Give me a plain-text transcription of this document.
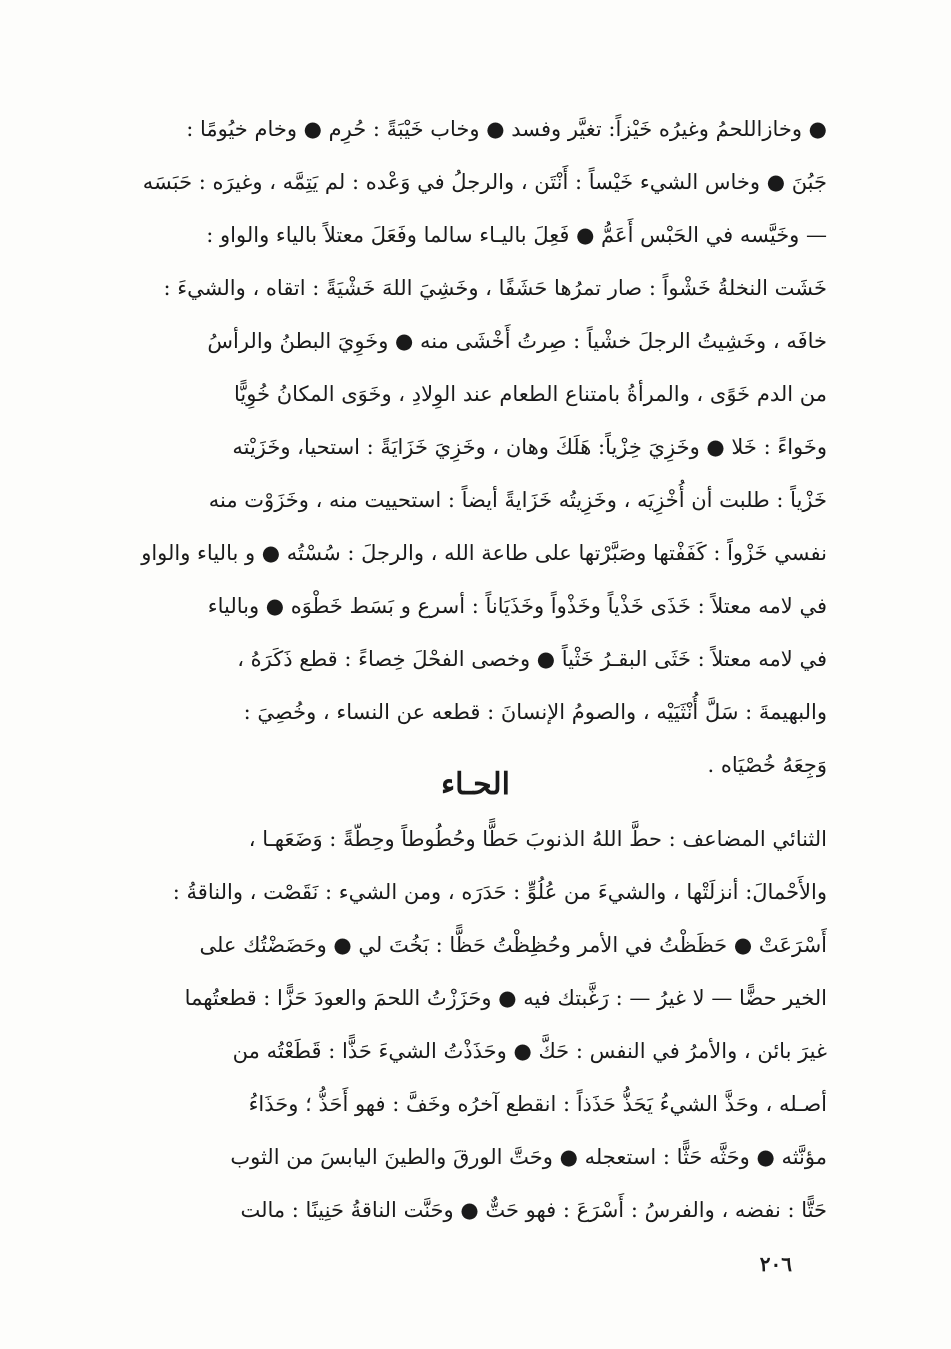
● وخازاللحمُ وغيرُه خَيْزاً: تغيَّر وفسد ● وخاب خَيْبَةً : حُرِم ● وخام خيُومًا :
جَبُنَ ● وخاس الشيء خَيْساً : أَنْتَن ، والرجلُ في وَعْده : لم يَتِمَّه ، وغيرَه : حَبَسَه
— وخَيَّسه في الحَبْس أَعَمُّ ● فَعِلَ باليـاء سالما وفَعَلَ معتلاً بالياء والواو :
خَشَت النخلةُ خَشْواً : صار تمرُها حَشَفًا ، وخَشِيَ اللهَ خَشْيَةً : اتقاه ، والشيءَ :
خافَه ، وخَشِيتُ الرجلَ خشْياً : صِرتُ أَخْشَى منه ● وخَوِيَ البطنُ والرأسُ
من الدم خَوًى ، والمرأةُ بامتناع الطعام عند الوِلادِ ، وخَوَى المكانُ خُوِيًّا
وخَواءً : خَلا ● وخَزِيَ خِزْياً: هَلَكَ وهان ، وخَزِيَ خَزَايَةً : استحيا، وخَزَيْته
خَزْياً : طلبت أن أُخْزِيَه ، وخَزِيتُه خَزَايةً أيضاً : استحييت منه ، وخَزَوْت منه
نفسي خَزْواً : كَفَفْتها وصَبَّرْتها على طاعة الله ، والرجلَ : سُسْتُه ● و بالياء والواو
في لامه معتلاً : خَذَى خَذْياً وخَذْواً وخَذَيَاناً : أسرع و بَسَط خَطْوَه ● وبالياء
في لامه معتلاً : خَثَى البقـرُ خَثْياً ● وخصى الفحْلَ خِصاءً : قطع ذَكَرَهُ ،
والبهيمةَ : سَلَّ أُنْثَيَيْه ، والصومُ الإنسانَ : قطعه عن النساء ، وخُصِيَ :
وَجِعَهُ خُصْيَاه .
الحـاء
الثنائي المضاعف : حطَّ اللهُ الذنوبَ حَطًّا وحُطُوطاً وحِطّةً : وَضَعَهـا ،
والأَحْمالَ: أنزلَتْها ، والشيءَ من عُلُوٍّ : حَدَرَه ، ومن الشيء : نَقَصْت ، والناقةُ :
أَسْرَعَتْ ● حَظَظْتُ في الأمر وحُظِظْتُ حَظًّا : بَخُتَ لي ● وحَضَضْتُك على
الخير حضًّا — لا غيرُ — : رَغَّبتك فيه ● وحَزَزْتُ اللحمَ والعودَ حَزًّا : قطعتُهما
غيرَ بائن ، والأمرُ في النفس : حَكَّ ● وحَذَذْتُ الشيءَ حَذًّا : قَطَعْتُه من
أصـله ، وحَذَّ الشيءُ يَحَذُّ حَذَذاً : انقطع آخرُه وخَفَّ : فهو أَحَذُّ ؛ وحَذَاءُ
مؤنَّثه ● وحَثَّه حَثًّا : استعجله ● وحَتَّ الورقَ والطينَ اليابسَ من الثوب
حَتًّا : نفضه ، والفرسُ : أَسْرَعَ : فهو حَتٌّ ● وحَنَّت الناقةُ حَنِينًا : مالت
٢٠٦
